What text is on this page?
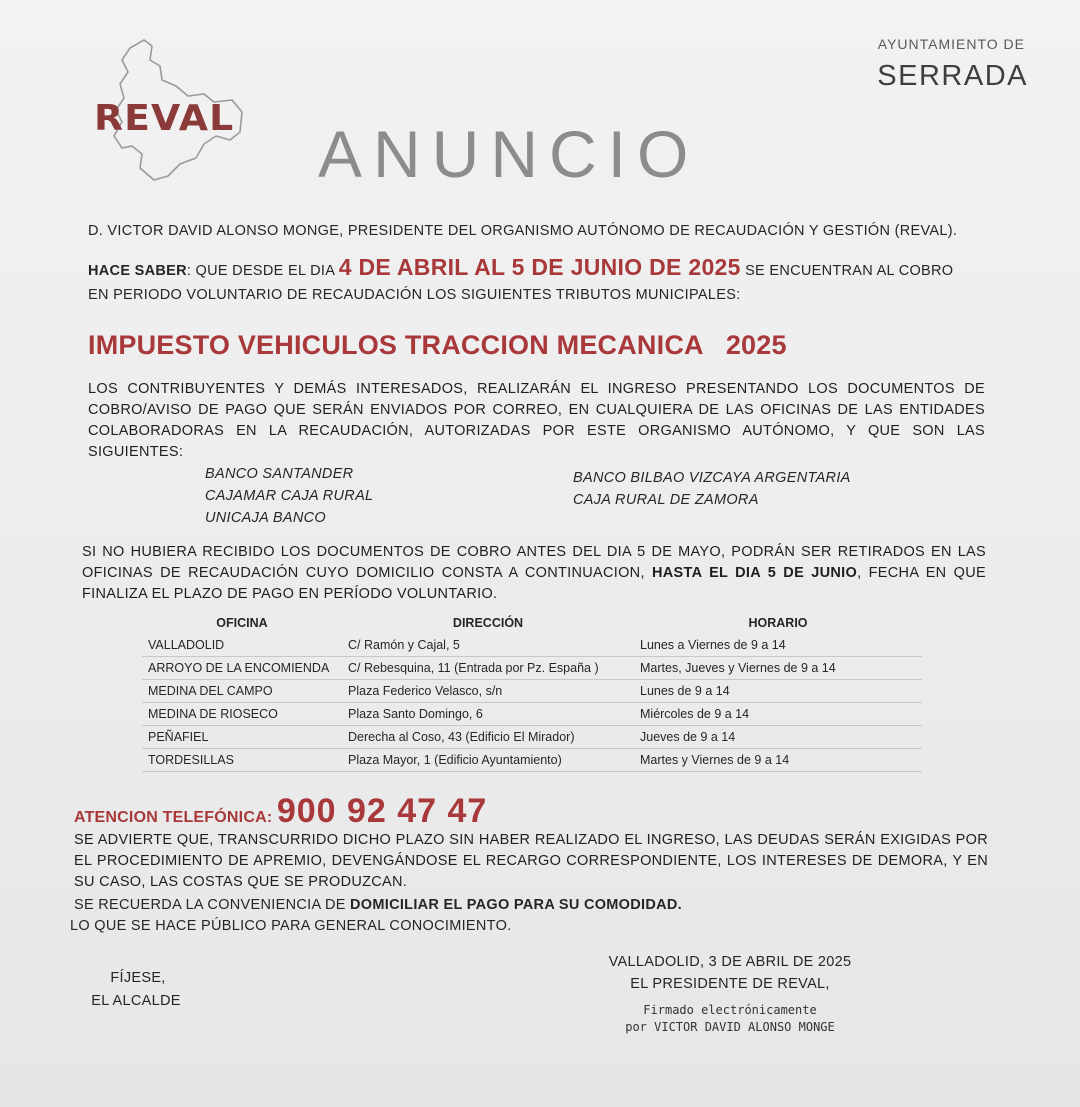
REVAL
AYUNTAMIENTO DE
SERRADA
ANUNCIO
D. VICTOR DAVID ALONSO MONGE, PRESIDENTE DEL ORGANISMO AUTÓNOMO DE RECAUDACIÓN Y GESTIÓN (REVAL).
HACE SABER: QUE DESDE EL DIA 4 DE ABRIL AL 5 DE JUNIO DE 2025 SE ENCUENTRAN AL COBRO
EN PERIODO VOLUNTARIO DE RECAUDACIÓN LOS SIGUIENTES TRIBUTOS MUNICIPALES:
IMPUESTO VEHICULOS TRACCION MECANICA   2025
LOS CONTRIBUYENTES Y DEMÁS INTERESADOS, REALIZARÁN EL INGRESO PRESENTANDO LOS DOCUMENTOS DE COBRO/AVISO DE PAGO QUE SERÁN ENVIADOS POR CORREO, EN CUALQUIERA DE LAS OFICINAS DE LAS ENTIDADES COLABORADORAS EN LA RECAUDACIÓN, AUTORIZADAS POR ESTE ORGANISMO AUTÓNOMO, Y QUE SON LAS SIGUIENTES:
BANCO SANTANDER
CAJAMAR CAJA RURAL
UNICAJA BANCO
BANCO BILBAO VIZCAYA ARGENTARIA
CAJA RURAL DE ZAMORA
SI NO HUBIERA RECIBIDO LOS DOCUMENTOS DE COBRO ANTES DEL DIA 5 DE MAYO, PODRÁN SER RETIRADOS EN LAS OFICINAS DE RECAUDACIÓN CUYO DOMICILIO CONSTA A CONTINUACION, HASTA EL DIA 5 DE JUNIO, FECHA EN QUE FINALIZA EL PLAZO DE PAGO EN PERÍODO VOLUNTARIO.
OFICINA	DIRECCIÓN	HORARIO
VALLADOLID	C/ Ramón y Cajal, 5	Lunes a Viernes de 9 a 14
ARROYO DE LA ENCOMIENDA	C/ Rebesquina, 11 (Entrada por Pz. España )	Martes, Jueves y Viernes de 9 a 14
MEDINA DEL CAMPO	Plaza Federico Velasco, s/n	Lunes de 9 a 14
MEDINA DE RIOSECO	Plaza Santo Domingo, 6	Miércoles de 9 a 14
PEÑAFIEL	Derecha al Coso, 43 (Edificio El Mirador)	Jueves de 9 a 14
TORDESILLAS	Plaza Mayor, 1 (Edificio Ayuntamiento)	Martes y Viernes de 9 a 14
ATENCION TELEFÓNICA: 900 92 47 47
SE ADVIERTE QUE, TRANSCURRIDO DICHO PLAZO SIN HABER REALIZADO EL INGRESO, LAS DEUDAS SERÁN EXIGIDAS POR EL PROCEDIMIENTO DE APREMIO, DEVENGÁNDOSE EL RECARGO CORRESPONDIENTE, LOS INTERESES DE DEMORA, Y EN SU CASO, LAS COSTAS QUE SE PRODUZCAN.
SE RECUERDA LA CONVENIENCIA DE DOMICILIAR EL PAGO PARA SU COMODIDAD.
LO QUE SE HACE PÚBLICO PARA GENERAL CONOCIMIENTO.
FÍJESE,
EL ALCALDE
VALLADOLID, 3 DE ABRIL DE 2025
EL PRESIDENTE DE REVAL,
Firmado electrónicamente
por VICTOR DAVID ALONSO MONGE
